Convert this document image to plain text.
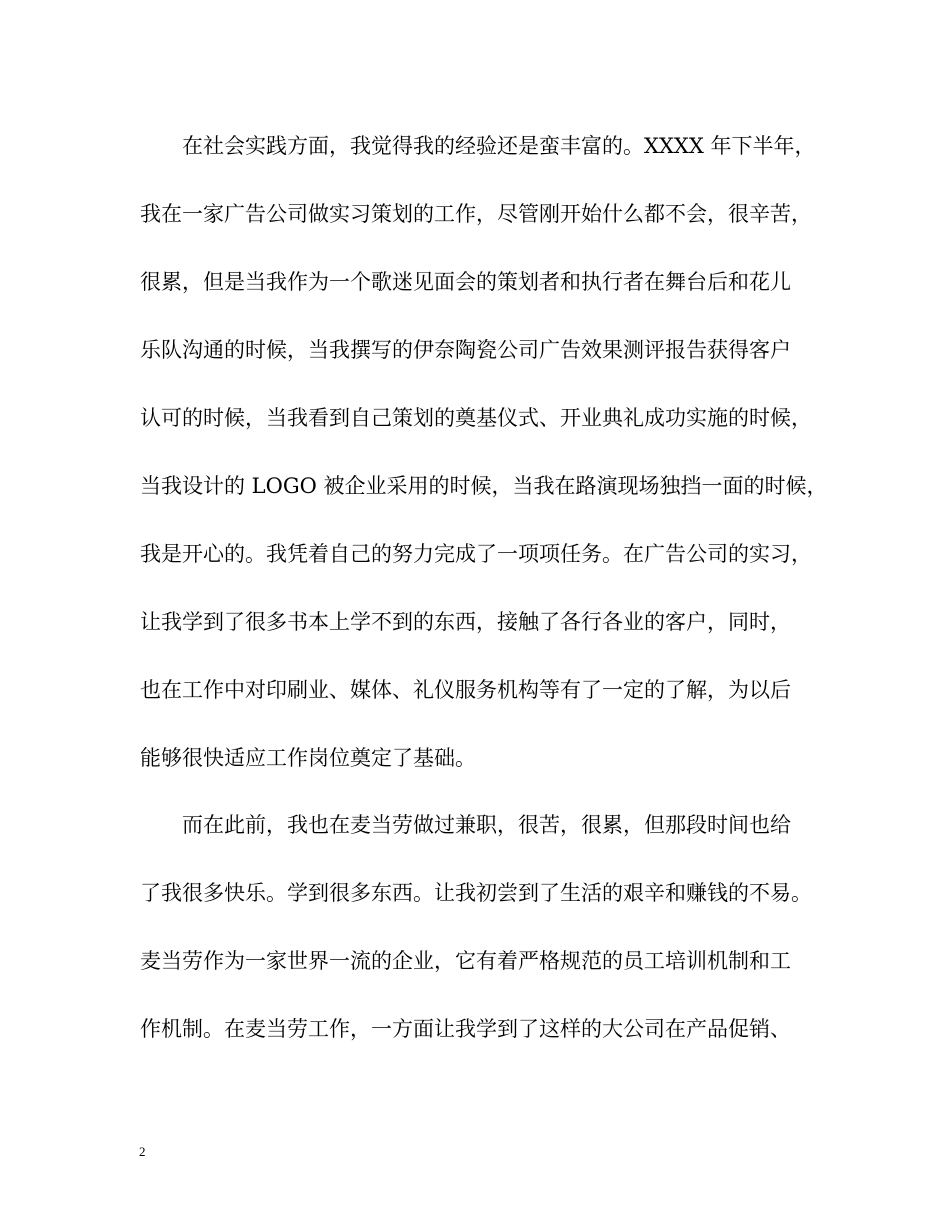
在社会实践方面，我觉得我的经验还是蛮丰富的。XXXX 年下半年，
我在一家广告公司做实习策划的工作，尽管刚开始什么都不会，很辛苦，
很累，但是当我作为一个歌迷见面会的策划者和执行者在舞台后和花儿
乐队沟通的时候，当我撰写的伊奈陶瓷公司广告效果测评报告获得客户
认可的时候，当我看到自己策划的奠基仪式、开业典礼成功实施的时候，
当我设计的 LOGO 被企业采用的时候，当我在路演现场独挡一面的时候，
我是开心的。我凭着自己的努力完成了一项项任务。在广告公司的实习，
让我学到了很多书本上学不到的东西，接触了各行各业的客户，同时，
也在工作中对印刷业、媒体、礼仪服务机构等有了一定的了解，为以后
能够很快适应工作岗位奠定了基础。
而在此前，我也在麦当劳做过兼职，很苦，很累，但那段时间也给
了我很多快乐。学到很多东西。让我初尝到了生活的艰辛和赚钱的不易。
麦当劳作为一家世界一流的企业，它有着严格规范的员工培训机制和工
作机制。在麦当劳工作，一方面让我学到了这样的大公司在产品促销、
2
